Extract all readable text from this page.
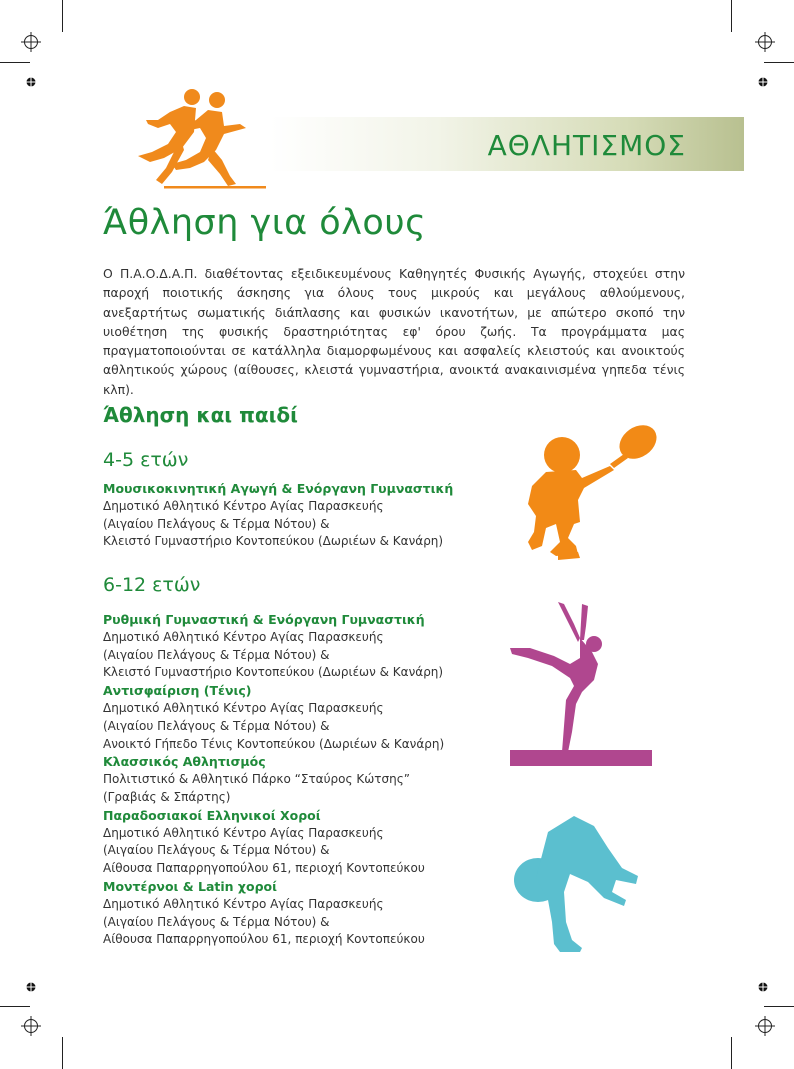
ΑΘΛΗΤΙΣΜΟΣ
Άθληση για όλους
Ο Π.Α.Ο.Δ.Α.Π. διαθέτοντας εξειδικευμένους Καθηγητές Φυσικής Αγωγής, στοχεύει στην παροχή ποιοτικής άσκησης για όλους τους μικρούς και μεγάλους αθλούμενους, ανεξαρτήτως σωματικής διάπλασης και φυσικών ικανοτήτων, με απώτερο σκοπό την υιοθέτηση της φυσικής δραστηριότητας εφ' όρου ζωής. Τα προγράμματα μας πραγματοποιούνται σε κατάλληλα διαμορφωμένους και ασφαλείς κλειστούς και ανοικτούς αθλητικούς χώρους (αίθουσες, κλειστά γυμναστήρια, ανοικτά ανακαινισμένα γηπεδα τένις κλπ).
Άθληση και παιδί
4-5 ετών
Μουσικοκινητική Αγωγή & Ενόργανη Γυμναστική
Δημοτικό Αθλητικό Κέντρο Αγίας Παρασκευής
(Αιγαίου Πελάγους & Τέρμα Νότου) &
Κλειστό Γυμναστήριο Κοντοπεύκου (Δωριέων & Κανάρη)
6-12 ετών
Ρυθμική Γυμναστική & Ενόργανη Γυμναστική
Δημοτικό Αθλητικό Κέντρο Αγίας Παρασκευής
(Αιγαίου Πελάγους & Τέρμα Νότου) &
Κλειστό Γυμναστήριο Κοντοπεύκου (Δωριέων & Κανάρη)
Αντισφαίριση (Τένις)
Δημοτικό Αθλητικό Κέντρο Αγίας Παρασκευής
(Αιγαίου Πελάγους & Τέρμα Νότου) &
Ανοικτό Γήπεδο Τένις Κοντοπεύκου (Δωριέων & Κανάρη)
Κλασσικός Αθλητισμός
Πολιτιστικό & Αθλητικό Πάρκο “Σταύρος Κώτσης”
(Γραβιάς & Σπάρτης)
Παραδοσιακοί Ελληνικοί Χοροί
Δημοτικό Αθλητικό Κέντρο Αγίας Παρασκευής
(Αιγαίου Πελάγους & Τέρμα Νότου) &
Αίθουσα Παπαρρηγοπούλου 61, περιοχή Κοντοπεύκου
Μοντέρνοι & Latin χοροί
Δημοτικό Αθλητικό Κέντρο Αγίας Παρασκευής
(Αιγαίου Πελάγους & Τέρμα Νότου) &
Αίθουσα Παπαρρηγοπούλου 61, περιοχή Κοντοπεύκου
